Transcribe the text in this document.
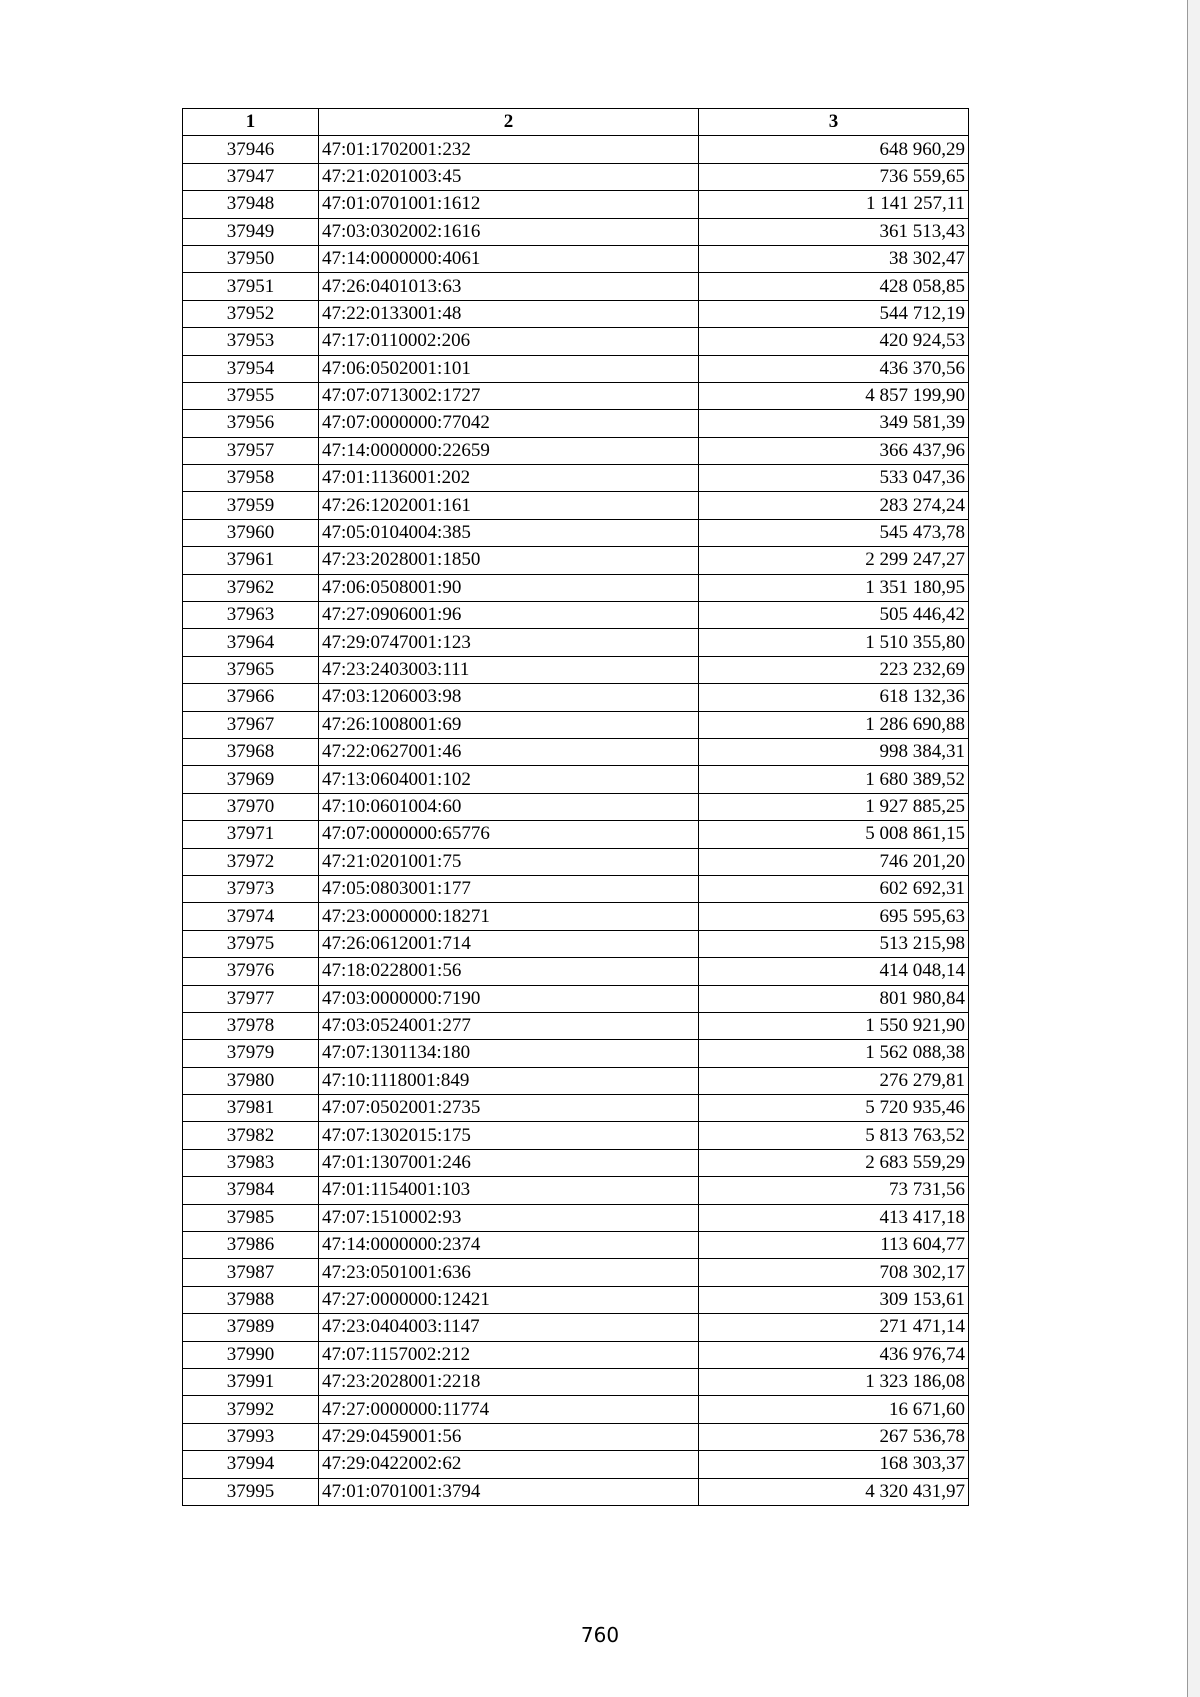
1	2	3
37946	47:01:1702001:232	648 960,29
37947	47:21:0201003:45	736 559,65
37948	47:01:0701001:1612	1 141 257,11
37949	47:03:0302002:1616	361 513,43
37950	47:14:0000000:4061	38 302,47
37951	47:26:0401013:63	428 058,85
37952	47:22:0133001:48	544 712,19
37953	47:17:0110002:206	420 924,53
37954	47:06:0502001:101	436 370,56
37955	47:07:0713002:1727	4 857 199,90
37956	47:07:0000000:77042	349 581,39
37957	47:14:0000000:22659	366 437,96
37958	47:01:1136001:202	533 047,36
37959	47:26:1202001:161	283 274,24
37960	47:05:0104004:385	545 473,78
37961	47:23:2028001:1850	2 299 247,27
37962	47:06:0508001:90	1 351 180,95
37963	47:27:0906001:96	505 446,42
37964	47:29:0747001:123	1 510 355,80
37965	47:23:2403003:111	223 232,69
37966	47:03:1206003:98	618 132,36
37967	47:26:1008001:69	1 286 690,88
37968	47:22:0627001:46	998 384,31
37969	47:13:0604001:102	1 680 389,52
37970	47:10:0601004:60	1 927 885,25
37971	47:07:0000000:65776	5 008 861,15
37972	47:21:0201001:75	746 201,20
37973	47:05:0803001:177	602 692,31
37974	47:23:0000000:18271	695 595,63
37975	47:26:0612001:714	513 215,98
37976	47:18:0228001:56	414 048,14
37977	47:03:0000000:7190	801 980,84
37978	47:03:0524001:277	1 550 921,90
37979	47:07:1301134:180	1 562 088,38
37980	47:10:1118001:849	276 279,81
37981	47:07:0502001:2735	5 720 935,46
37982	47:07:1302015:175	5 813 763,52
37983	47:01:1307001:246	2 683 559,29
37984	47:01:1154001:103	73 731,56
37985	47:07:1510002:93	413 417,18
37986	47:14:0000000:2374	113 604,77
37987	47:23:0501001:636	708 302,17
37988	47:27:0000000:12421	309 153,61
37989	47:23:0404003:1147	271 471,14
37990	47:07:1157002:212	436 976,74
37991	47:23:2028001:2218	1 323 186,08
37992	47:27:0000000:11774	16 671,60
37993	47:29:0459001:56	267 536,78
37994	47:29:0422002:62	168 303,37
37995	47:01:0701001:3794	4 320 431,97
760
